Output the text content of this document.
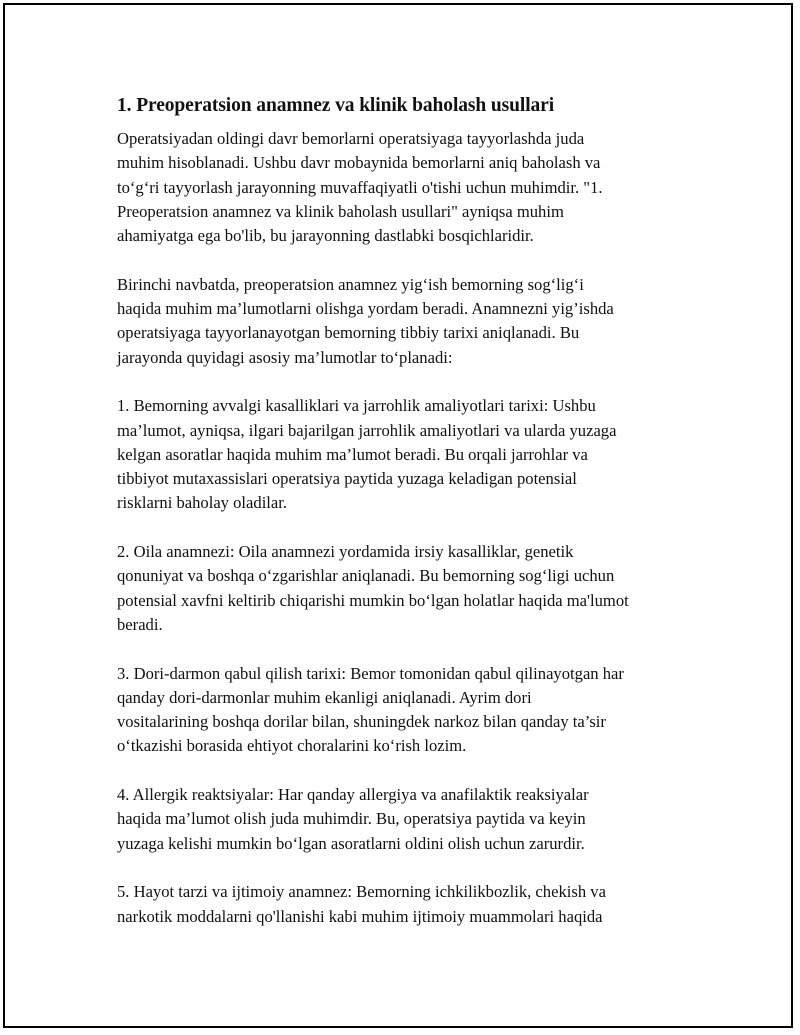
1. Preoperatsion anamnez va klinik baholash usullari

Operatsiyadan oldingi davr bemorlarni operatsiyaga tayyorlashda juda
muhim hisoblanadi. Ushbu davr mobaynida bemorlarni aniq baholash va
to‘g‘ri tayyorlash jarayonning muvaffaqiyatli o'tishi uchun muhimdir. "1.
Preoperatsion anamnez va klinik baholash usullari" ayniqsa muhim
ahamiyatga ega bo'lib, bu jarayonning dastlabki bosqichlaridir.

Birinchi navbatda, preoperatsion anamnez yig‘ish bemorning sog‘lig‘i
haqida muhim ma’lumotlarni olishga yordam beradi. Anamnezni yig’ishda
operatsiyaga tayyorlanayotgan bemorning tibbiy tarixi aniqlanadi. Bu
jarayonda quyidagi asosiy ma’lumotlar to‘planadi:

1. Bemorning avvalgi kasalliklari va jarrohlik amaliyotlari tarixi: Ushbu
ma’lumot, ayniqsa, ilgari bajarilgan jarrohlik amaliyotlari va ularda yuzaga
kelgan asoratlar haqida muhim ma’lumot beradi. Bu orqali jarrohlar va
tibbiyot mutaxassislari operatsiya paytida yuzaga keladigan potensial
risklarni baholay oladilar.

2. Oila anamnezi: Oila anamnezi yordamida irsiy kasalliklar, genetik
qonuniyat va boshqa o‘zgarishlar aniqlanadi. Bu bemorning sog‘ligi uchun
potensial xavfni keltirib chiqarishi mumkin bo‘lgan holatlar haqida ma'lumot
beradi.

3. Dori-darmon qabul qilish tarixi: Bemor tomonidan qabul qilinayotgan har
qanday dori-darmonlar muhim ekanligi aniqlanadi. Ayrim dori
vositalarining boshqa dorilar bilan, shuningdek narkoz bilan qanday ta’sir
o‘tkazishi borasida ehtiyot choralarini ko‘rish lozim.

4. Allergik reaktsiyalar: Har qanday allergiya va anafilaktik reaksiyalar
haqida ma’lumot olish juda muhimdir. Bu, operatsiya paytida va keyin
yuzaga kelishi mumkin bo‘lgan asoratlarni oldini olish uchun zarurdir.

5. Hayot tarzi va ijtimoiy anamnez: Bemorning ichkilikbozlik, chekish va
narkotik moddalarni qo'llanishi kabi muhim ijtimoiy muammolari haqida
